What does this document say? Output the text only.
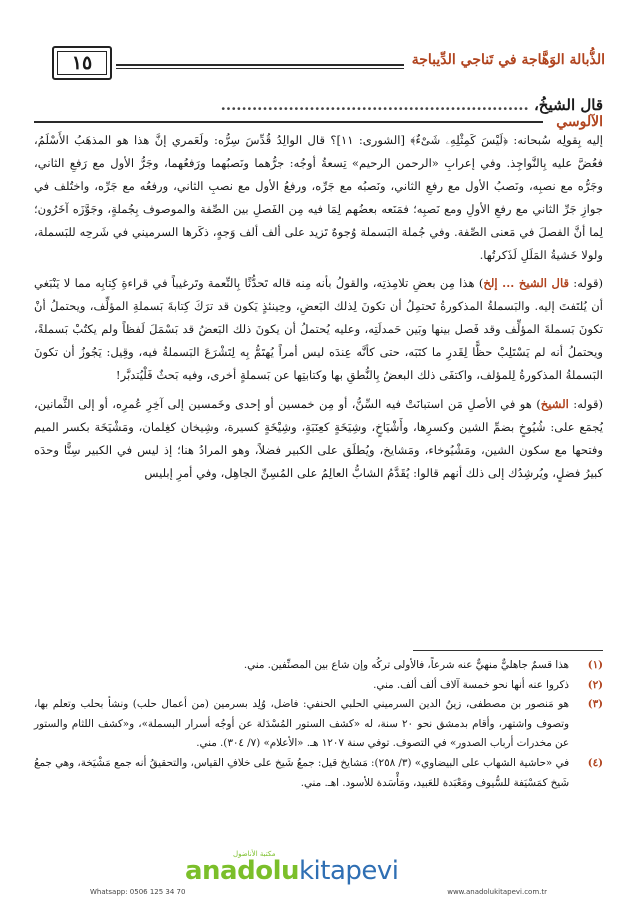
الذُّبالة الوَهَّاجة في تَناجي الدِّيباجة
١٥
قال الشيخُ، ...........................................................
الآلوسي

إليه بِقولِه سُبحانه: ﴿لَيْسَ كَمِثْلِهِۦ شَىْءٌ﴾ [الشورى: ١١]؟ قال الوالِدُ قُدِّسَ سِرُّه: ولَعَمري إنَّ هذا هو المذهَبُ الأَسْلَمُ، فعُضَّ عليه بِالنَّواجِذ. وفي إعرابِ «الرحمن الرحيم» تِسعةُ أوجُه: جرُّهما ونَصبُهما ورَفعُهما، وجَرُّ الأول مع رَفعِ الثاني، وجَرُّه مع نصبِه، ونَصبُ الأول مع رفعِ الثاني، ونَصبُه مع جَرِّه، ورفعُ الأول مع نصبِ الثاني، ورفعُه مع جَرِّه، واختُلف في جوازِ جَرِّ الثاني مع رفعِ الأولِ ومع نَصبِه؛ فمَنَعه بعضُهم لِمَا فيه مِن الفَصلِ بين الصِّفة والموصوف بِجُملةٍ، وجَوَّزَه آخَرُون؛ لِما أنَّ الفصلَ في مَعنى الصِّفة. وفي جُملة البَسملة وُجوهٌ تَزيد على ألف ألف وَجهٍ، ذكَرها السرميني في شَرحِه للبَسملة، ولولا خَشيةُ المَلَلِ لَذَكرتُها.

(قوله: قال الشيخ ... إلخ) هذا مِن بعضِ تلامِذتِه، والقولُ بأنه مِنه قاله تَحدُّثًا بِالنِّعمة وتَرغيباً في قراءةِ كِتابِه مما لا يَنْبَغي أن يُلتَفتَ إليه. والبَسملةُ المذكورةُ تَحتمِلُ أن تكونَ لِذلك البَعضِ، وحِينئذٍ يَكون قد ترَكَ كِتابةَ بَسملةِ المؤلِّف، ويحتملُ أنْ تكونَ بَسملةَ المؤلِّف وقد فَصل بينها وبَين حَمدلَتِه، وعليه يُحتملُ أن يكونَ ذلك البَعضُ قد بَسْمَلَ لَفظاً ولم يكتُبْ بَسملةً، ويحتملُ أنه لم يَسْتَلِبْ حظًّا لِقَدرِ ما كتَبَه، حتى كأنَّه عِندَه ليس أمراً يُهتَمُّ بِه لِتَشْرَعَ البَسملةُ فيه، وقِيل: يَجُوزُ أن تكونَ البَسملةُ المذكورةُ لِلمؤلف، واكتفَى ذلك البعضُ بِالنُّطقِ بها وكتابتِها عن بَسملةٍ أخرى، وفيه بَحثٌ فَلْيُتدبَّر!

(قوله: الشيخ) هو في الأصلِ مَن استبانَتْ فيه السِّنُّ، أو مِن خمسين أو إحدى وخَمسين إلى آخِرِ عُمرِه، أو إلى الثَّمانين، يُجمَع على: شُيُوخٍ بضمِّ الشين وكسرِها، وأَشْيَاخٍ، وشِيَخَةٍ كعِنَبَةٍ، وشِيْخَةٍ كسيرة، وشِيخان كغِلمان، ومَشْيَخَة بكسر الميم وفتحها مع سكون الشين، ومَشْيُوخاء، ومَشايخ، ويُطلَق على الكبير فضلاً، وهو المرادُ هنا؛ إذ ليس في الكبير سِنًّا وحدَه كبيرُ فضلٍ، ويُرشِدُك إلى ذلك أنهم قالوا: يُقَدَّمُ الشابُّ العالِمُ على المُسِنِّ الجاهِل، وفي أمرِ إبليس

(١)
هذا قسمٌ جاهليٌّ منهيٌّ عنه شرعاً، فالأولى تركُه وإن شاع بين المصنِّفين. مني.
(٢)
ذكروا عنه أنها نحو خمسة آلاف ألف ألف. مني.
(٣)
هو مَنصور بن مصطفى، زينُ الدين السرميني الحلبي الحنفي: فاضل، وُلِد بسرمين (من أعمال حلب) ونشأ بحلب وتعلم بها، وتصوف واشتهر، وأقام بدمشق نحو ٢٠ سنة، له «كشف الستور المُسْدَلة عن أوجُه أسرار البسملة»، و«كشف اللثام والستور عن مخدرات أرباب الصدور» في التصوف. توفي سنة ١٢٠٧ هـ. «الأعلام» (٧/ ٣٠٤). مني.
(٤)
في «حاشية الشهاب على البيضاوي» (٣/ ٢٥٨): مَشايخ قيل: جمعُ شَيخ على خلافِ القياس، والتحقيقُ أنه جمع مَشْيَخة، وهي جمعُ شَيخ كمَسْيَفة للسُّيوف ومَعْبَدة للعَبيد، ومَأْسَدة للأسود. اهـ. مني.
مكتبة الأناضول
anadolukitapevi
Whatsapp: 0506 125 34 70	www.anadolukitapevi.com.tr
